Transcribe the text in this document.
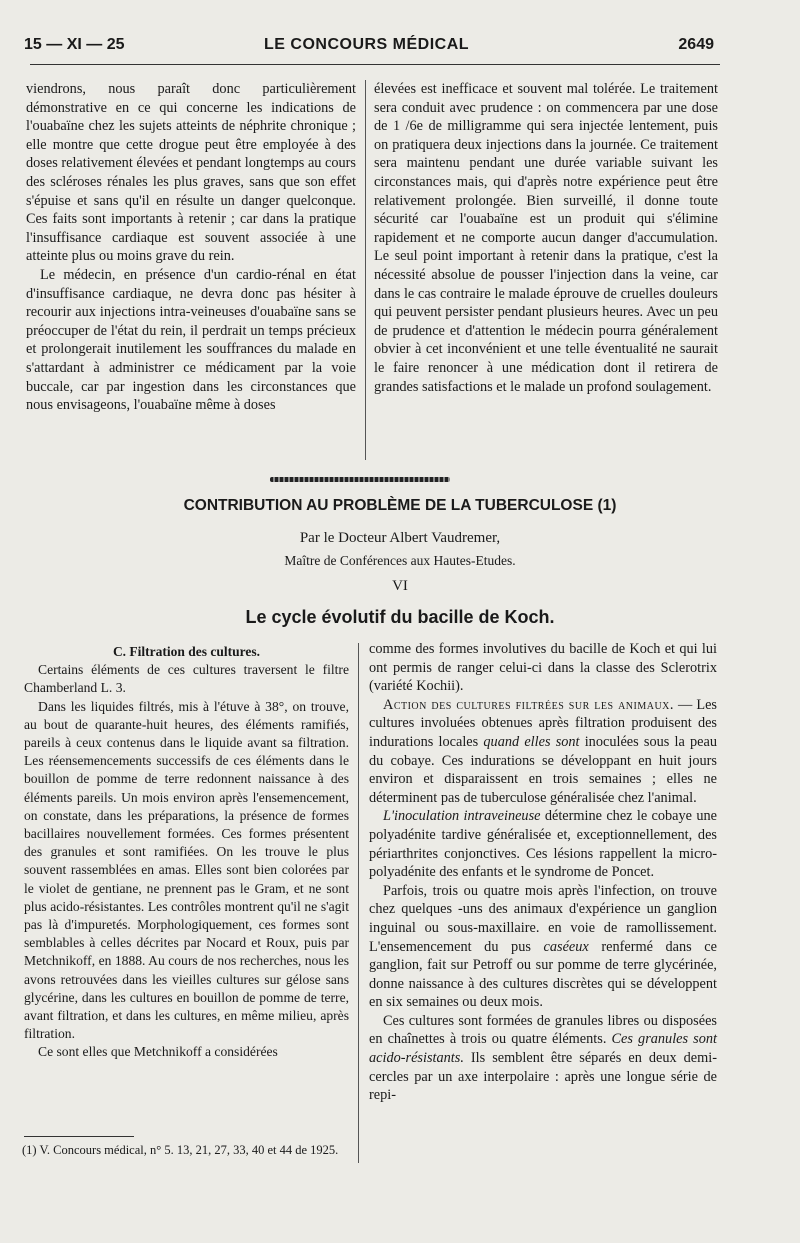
15 — XI — 25	LE CONCOURS MÉDICAL	2649

viendrons, nous paraît donc particulièrement démonstrative en ce qui concerne les indications de l'ouabaïne chez les sujets atteints de néphrite chronique ; elle montre que cette drogue peut être employée à des doses relativement élevées et pendant longtemps au cours des scléroses rénales les plus graves, sans que son effet s'épuise et sans qu'il en résulte un danger quelconque. Ces faits sont importants à retenir ; car dans la pratique l'insuffisance cardiaque est souvent associée à une atteinte plus ou moins grave du rein.

Le médecin, en présence d'un cardio-rénal en état d'insuffisance cardiaque, ne devra donc pas hésiter à recourir aux injections intra-veineuses d'ouabaïne sans se préoccuper de l'état du rein, il perdrait un temps précieux et prolongerait inutilement les souffrances du malade en s'attardant à administrer ce médicament par la voie buccale, car par ingestion dans les circonstances que nous envisageons, l'ouabaïne même à doses

élevées est inefficace et souvent mal tolérée. Le traitement sera conduit avec prudence : on commencera par une dose de 1 /6e de milligramme qui sera injectée lentement, puis on pratiquera deux injections dans la journée. Ce traitement sera maintenu pendant une durée variable suivant les circonstances mais, qui d'après notre expérience peut être relativement prolongée. Bien surveillé, il donne toute sécurité car l'ouabaïne est un produit qui s'élimine rapidement et ne comporte aucun danger d'accumulation. Le seul point important à retenir dans la pratique, c'est la nécessité absolue de pousser l'injection dans la veine, car dans le cas contraire le malade éprouve de cruelles douleurs qui peuvent persister pendant plusieurs heures. Avec un peu de prudence et d'attention le médecin pourra généralement obvier à cet inconvénient et une telle éventualité ne saurait le faire renoncer à une médication dont il retirera de grandes satisfactions et le malade un profond soulagement.

CONTRIBUTION AU PROBLÈME DE LA TUBERCULOSE (1)
Par le Docteur Albert Vaudremer,
Maître de Conférences aux Hautes-Etudes.
VI
Le cycle évolutif du bacille de Koch.

C. Filtration des cultures.

Certains éléments de ces cultures traversent le filtre Chamberland L. 3.

Dans les liquides filtrés, mis à l'étuve à 38°, on trouve, au bout de quarante-huit heures, des éléments ramifiés, pareils à ceux contenus dans le liquide avant sa filtration. Les réensemencements successifs de ces éléments dans le bouillon de pomme de terre redonnent naissance à des éléments pareils. Un mois environ après l'ensemencement, on constate, dans les préparations, la présence de formes bacillaires nouvellement formées. Ces formes présentent des granules et sont ramifiées. On les trouve le plus souvent rassemblées en amas. Elles sont bien colorées par le violet de gentiane, ne prennent pas le Gram, et ne sont plus acido-résistantes. Les contrôles montrent qu'il ne s'agit pas là d'impuretés. Morphologiquement, ces formes sont semblables à celles décrites par Nocard et Roux, puis par Metchnikoff, en 1888. Au cours de nos recherches, nous les avons retrouvées dans les vieilles cultures sur gélose sans glycérine, dans les cultures en bouillon de pomme de terre, avant filtration, et dans les cultures, en même milieu, après filtration.

Ce sont elles que Metchnikoff a considérées

(1) V. Concours médical, n° 5. 13, 21, 27, 33, 40 et 44 de 1925.

comme des formes involutives du bacille de Koch et qui lui ont permis de ranger celui-ci dans la classe des Sclerotrix (variété Kochii).

Action des cultures filtrées sur les animaux. — Les cultures involuées obtenues après filtration produisent des indurations locales quand elles sont inoculées sous la peau du cobaye. Ces indurations se développant en huit jours environ et disparaissent en trois semaines ; elles ne déterminent pas de tuberculose généralisée chez l'animal.

L'inoculation intraveineuse détermine chez le cobaye une polyadénite tardive généralisée et, exceptionnellement, des périarthrites conjonctives. Ces lésions rappellent la micro-polyadénite des enfants et le syndrome de Poncet.

Parfois, trois ou quatre mois après l'infection, on trouve chez quelques -uns des animaux d'expérience un ganglion inguinal ou sous-maxillaire. en voie de ramollissement. L'ensemencement du pus caséeux renfermé dans ce ganglion, fait sur Petroff ou sur pomme de terre glycérinée, donne naissance à des cultures discrètes qui se développent en six semaines ou deux mois.

Ces cultures sont formées de granules libres ou disposées en chaînettes à trois ou quatre éléments. Ces granules sont acido-résistants. Ils semblent être séparés en deux demi-cercles par un axe interpolaire : après une longue série de repi-
